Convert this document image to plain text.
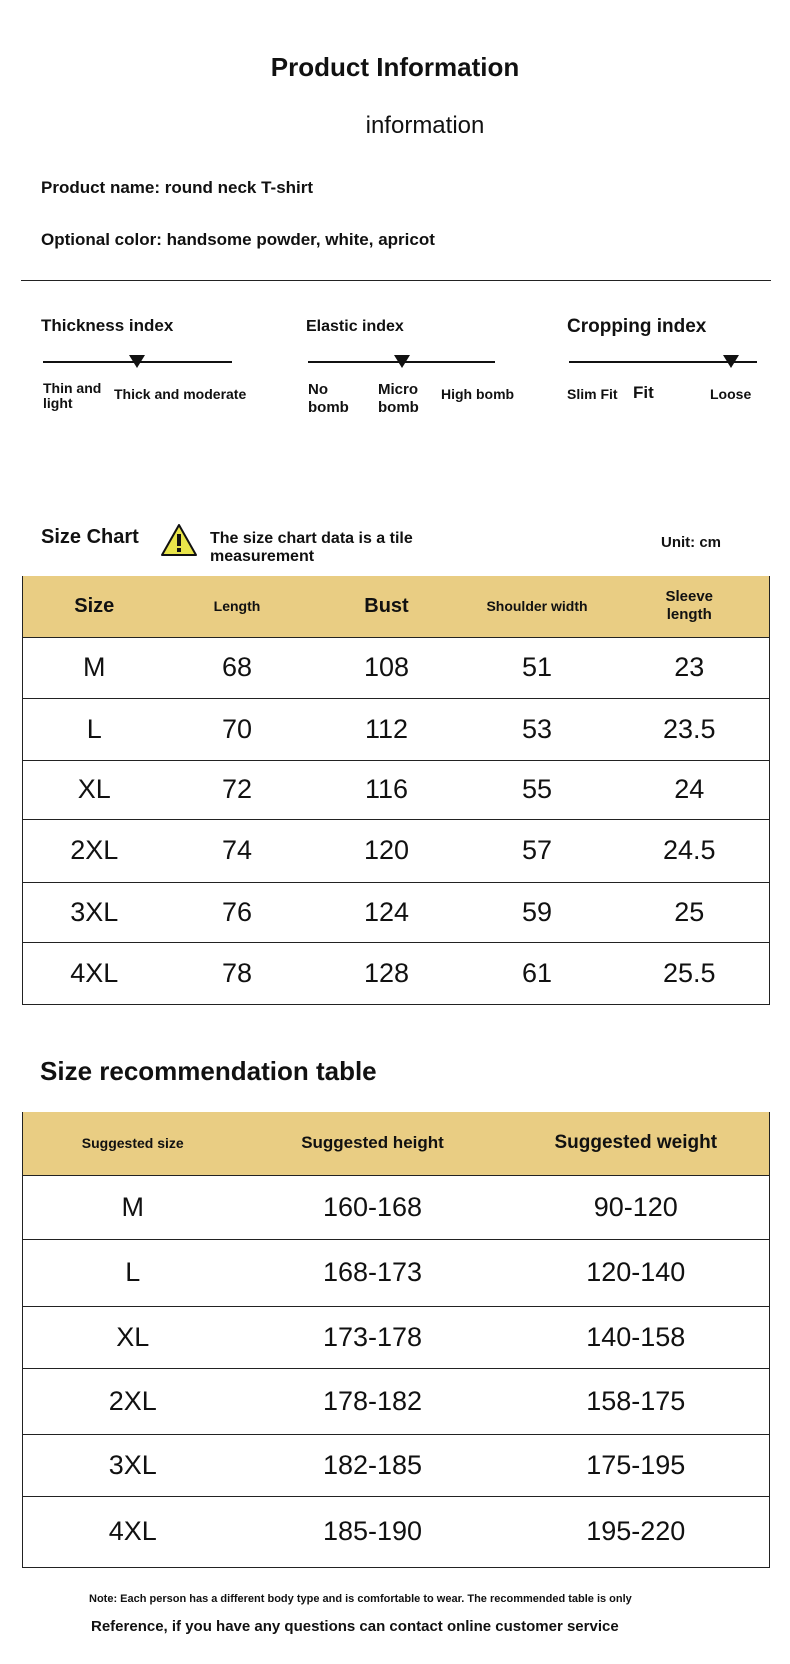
Product Information
information
Product name: round neck T-shirt
Optional color: handsome powder, white, apricot
Thickness index
Thin and light
Thick and moderate
Elastic index
No bomb
Micro bomb
High bomb
Cropping index
Slim Fit Fit	Loose
Size Chart	The size chart data is a tile measurement
Unit: cm
Size	Length	Bust	Shoulder width	Sleeve length
M	68	108	51	23
L	70	112	53	23.5
XL	72	116	55	24
2XL	74	120	57	24.5
3XL	76	124	59	25
4XL	78	128	61	25.5
Size recommendation table
Suggested size	Suggested height	Suggested weight
M	160-168	90-120
L	168-173	120-140
XL	173-178	140-158
2XL	178-182	158-175
3XL	182-185	175-195
4XL	185-190	195-220
Note: Each person has a different body type and is comfortable to wear. The recommended table is only
Reference, if you have any questions can contact online customer service
